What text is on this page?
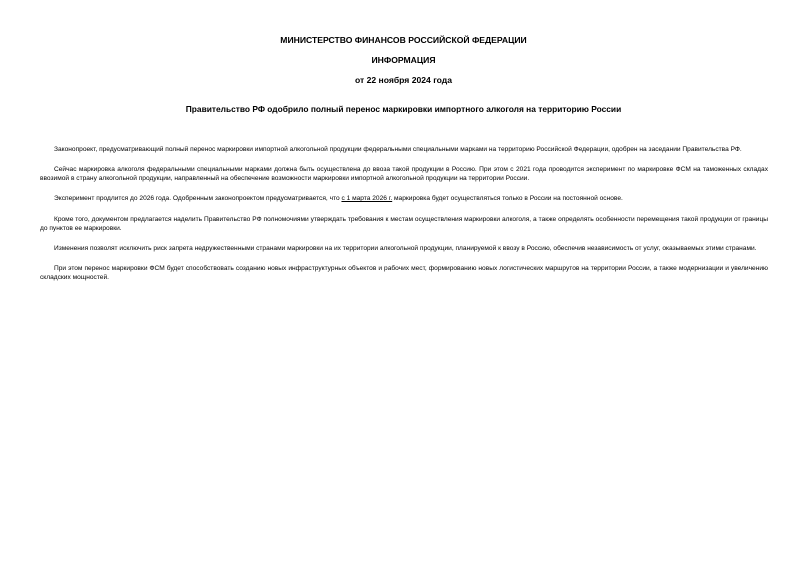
МИНИСТЕРСТВО ФИНАНСОВ РОССИЙСКОЙ ФЕДЕРАЦИИ
ИНФОРМАЦИЯ
от 22 ноября 2024 года
Правительство РФ одобрило полный перенос маркировки импортного алкоголя на территорию России

Законопроект, предусматривающий полный перенос маркировки импортной алкогольной продукции федеральными специальными марками на территорию Российской Федерации, одобрен на заседании Правительства РФ.

Сейчас маркировка алкоголя федеральными специальными марками должна быть осуществлена до ввоза такой продукции в Россию. При этом с 2021 года проводится эксперимент по маркировке ФСМ на таможенных складах ввозимой в страну алкогольной продукции, направленный на обеспечение возможности маркировки импортной алкогольной продукции на территории России.

Эксперимент продлится до 2026 года. Одобренным законопроектом предусматривается, что с 1 марта 2026 г. маркировка будет осуществляться только в России на постоянной основе.

Кроме того, документом предлагается наделить Правительство РФ полномочиями утверждать требования к местам осуществления маркировки алкоголя, а также определять особенности перемещения такой продукции от границы до пунктов ее маркировки.

Изменения позволят исключить риск запрета недружественными странами маркировки на их территории алкогольной продукции, планируемой к ввозу в Россию, обеспечив независимость от услуг, оказываемых этими странами.

При этом перенос маркировки ФСМ будет способствовать созданию новых инфраструктурных объектов и рабочих мест, формированию новых логистических маршрутов на территории России, а также модернизации и увеличению складских мощностей.
